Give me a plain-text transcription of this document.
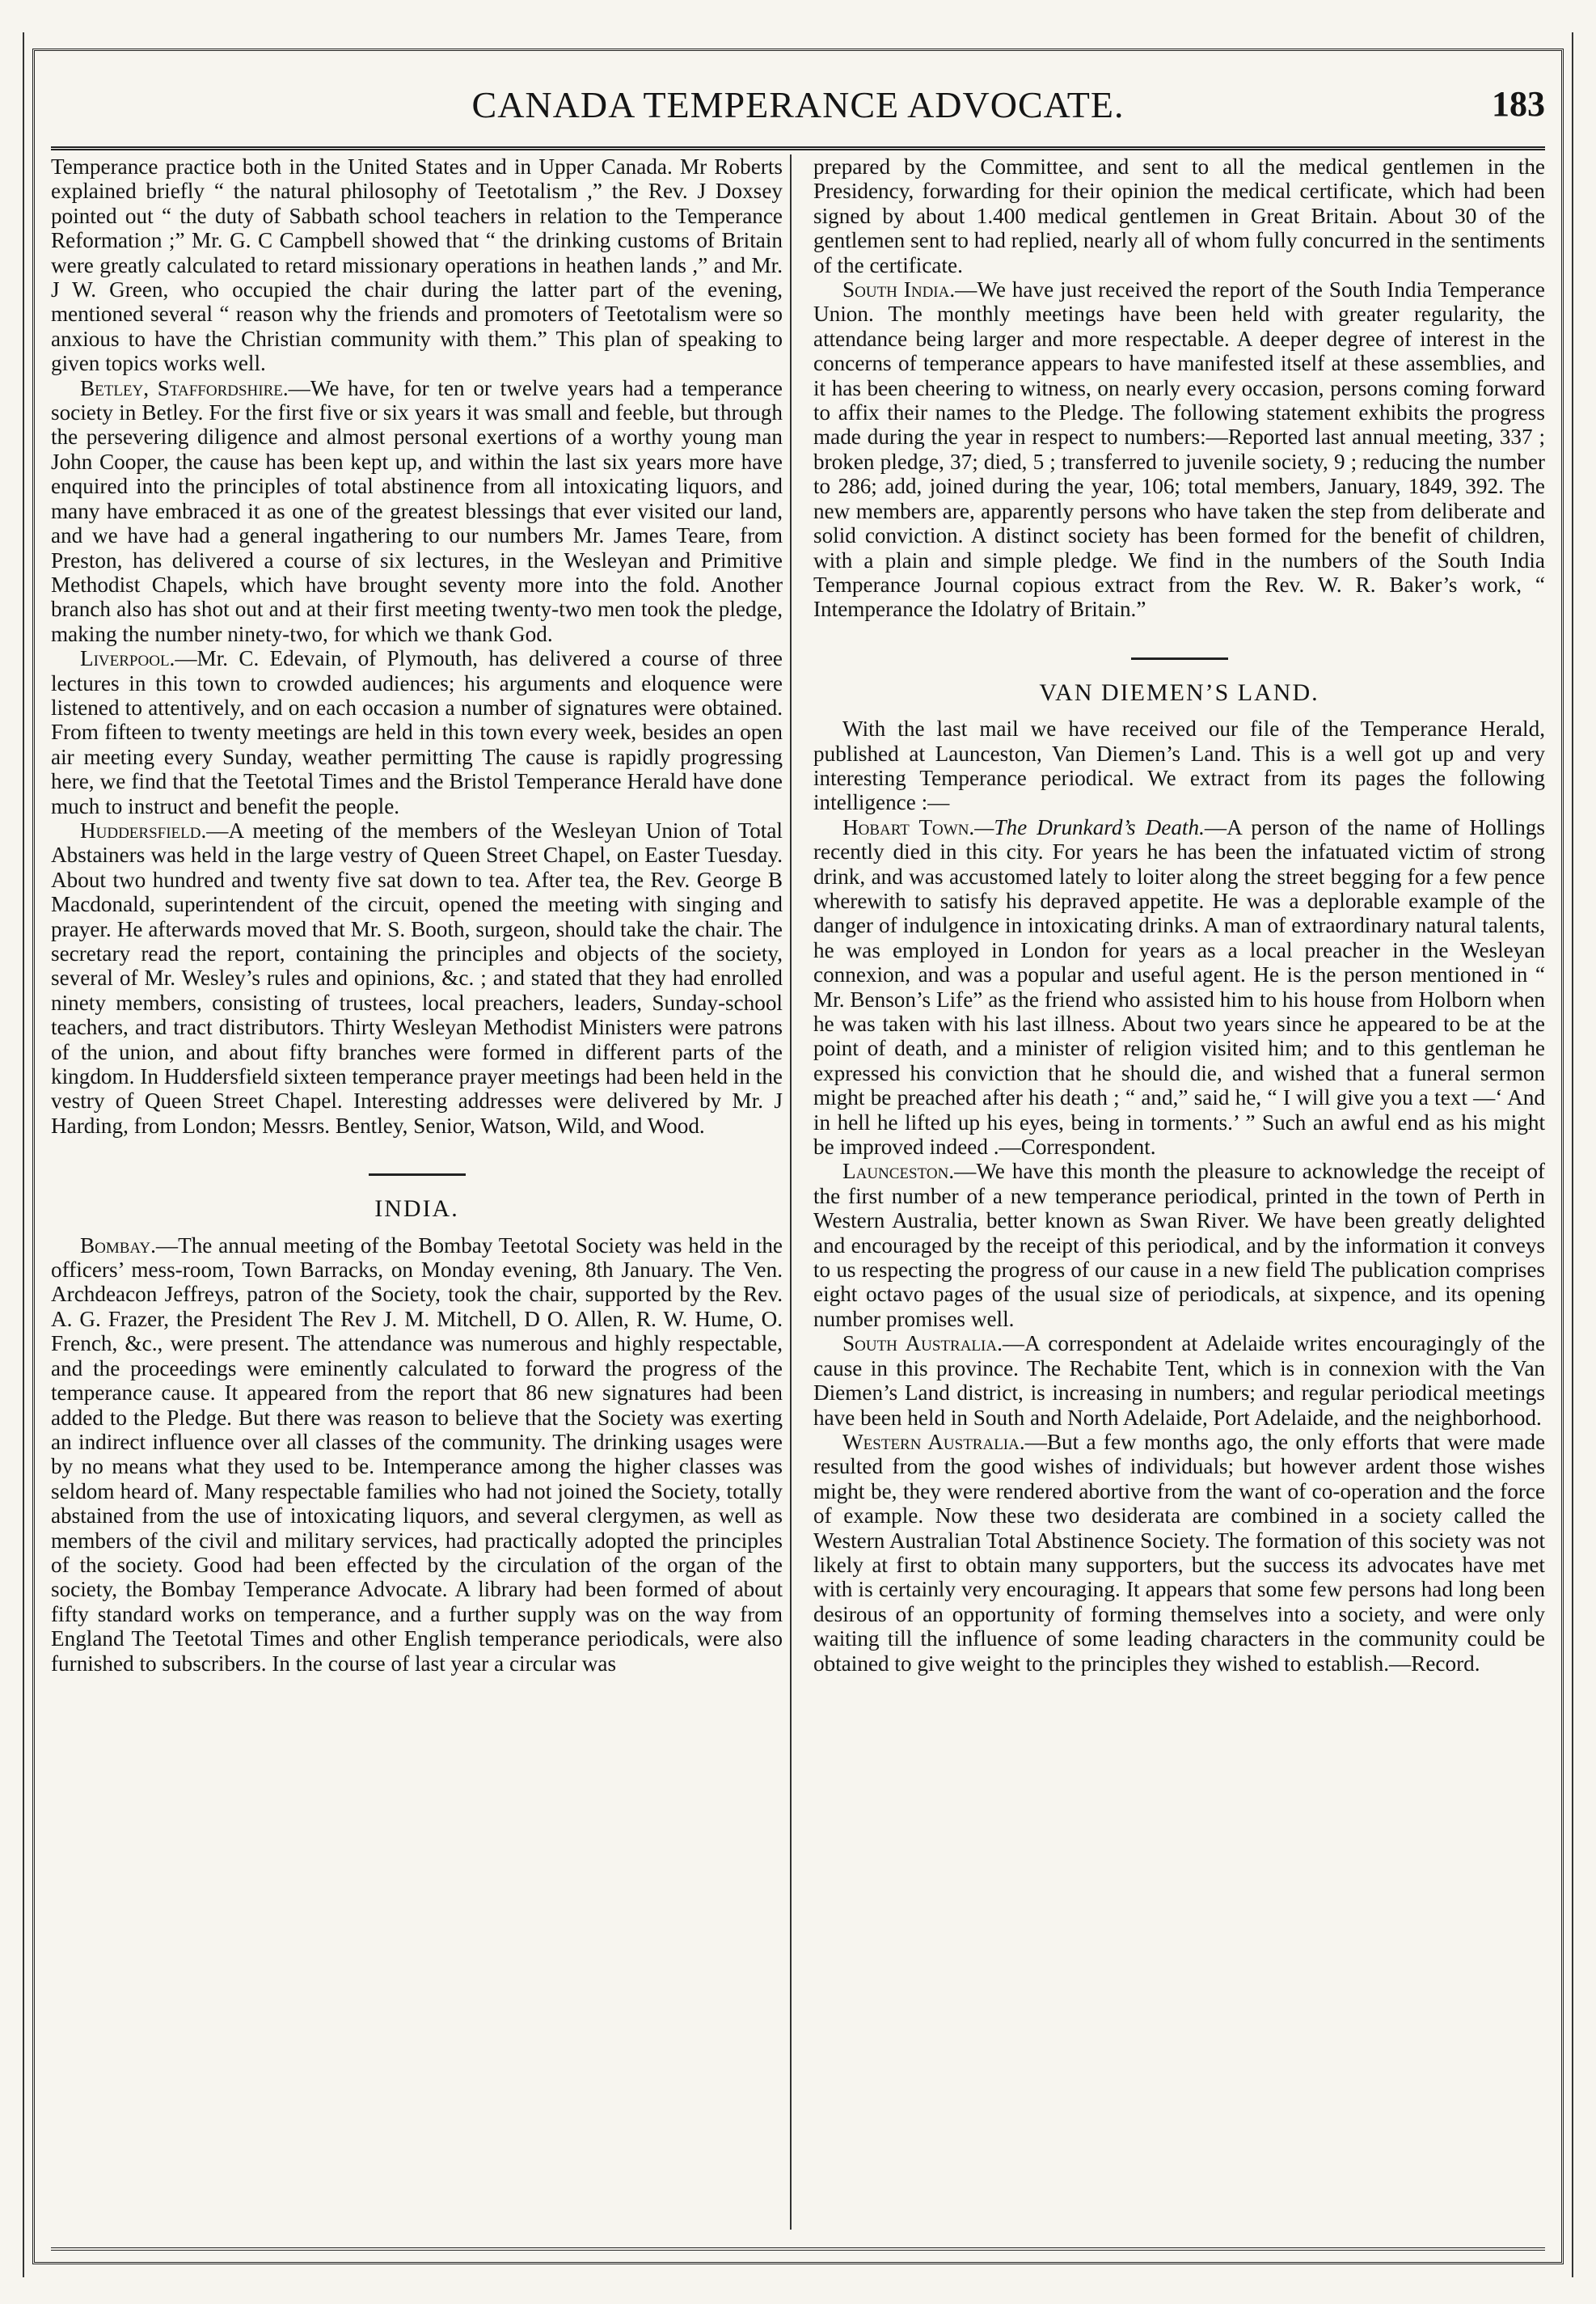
CANADA TEMPERANCE ADVOCATE.	183

Temperance practice both in the United States and in Upper Canada. Mr Roberts explained briefly “ the natural philosophy of Teetotalism ,” the Rev. J Doxsey pointed out “ the duty of Sabbath school teachers in relation to the Temperance Reformation ;” Mr. G. C Campbell showed that “ the drinking customs of Britain were greatly calculated to retard missionary operations in heathen lands ,” and Mr. J W. Green, who occupied the chair during the latter part of the evening, mentioned several “ reason why the friends and promoters of Teetotalism were so anxious to have the Christian community with them.” This plan of speaking to given topics works well.

Betley, Staffordshire.—We have, for ten or twelve years had a temperance society in Betley. For the first five or six years it was small and feeble, but through the persevering diligence and almost personal exertions of a worthy young man John Cooper, the cause has been kept up, and within the last six years more have enquired into the principles of total abstinence from all intoxicating liquors, and many have embraced it as one of the greatest blessings that ever visited our land, and we have had a general ingathering to our numbers Mr. James Teare, from Preston, has delivered a course of six lectures, in the Wesleyan and Primitive Methodist Chapels, which have brought seventy more into the fold. Another branch also has shot out and at their first meeting twenty-two men took the pledge, making the number ninety-two, for which we thank God.

Liverpool.—Mr. C. Edevain, of Plymouth, has delivered a course of three lectures in this town to crowded audiences; his arguments and eloquence were listened to attentively, and on each occasion a number of signatures were obtained. From fifteen to twenty meetings are held in this town every week, besides an open air meeting every Sunday, weather permitting The cause is rapidly progressing here, we find that the Teetotal Times and the Bristol Temperance Herald have done much to instruct and benefit the people.

Huddersfield.—A meeting of the members of the Wesleyan Union of Total Abstainers was held in the large vestry of Queen Street Chapel, on Easter Tuesday. About two hundred and twenty five sat down to tea. After tea, the Rev. George B Macdonald, superintendent of the circuit, opened the meeting with singing and prayer. He afterwards moved that Mr. S. Booth, surgeon, should take the chair. The secretary read the report, containing the principles and objects of the society, several of Mr. Wesley’s rules and opinions, &c. ; and stated that they had enrolled ninety members, consisting of trustees, local preachers, leaders, Sunday-school teachers, and tract distributors. Thirty Wesleyan Methodist Ministers were patrons of the union, and about fifty branches were formed in different parts of the kingdom. In Huddersfield sixteen temperance prayer meetings had been held in the vestry of Queen Street Chapel. Interesting addresses were delivered by Mr. J Harding, from London; Messrs. Bentley, Senior, Watson, Wild, and Wood.

INDIA.

Bombay.—The annual meeting of the Bombay Teetotal Society was held in the officers’ mess-room, Town Barracks, on Monday evening, 8th January. The Ven. Archdeacon Jeffreys, patron of the Society, took the chair, supported by the Rev. A. G. Frazer, the President The Rev J. M. Mitchell, D O. Allen, R. W. Hume, O. French, &c., were present. The attendance was numerous and highly respectable, and the proceedings were eminently calculated to forward the progress of the temperance cause. It appeared from the report that 86 new signatures had been added to the Pledge. But there was reason to believe that the Society was exerting an indirect influence over all classes of the community. The drinking usages were by no means what they used to be. Intemperance among the higher classes was seldom heard of. Many respectable families who had not joined the Society, totally abstained from the use of intoxicating liquors, and several clergymen, as well as members of the civil and military services, had practically adopted the principles of the society. Good had been effected by the circulation of the organ of the society, the Bombay Temperance Advocate. A library had been formed of about fifty standard works on temperance, and a further supply was on the way from England The Teetotal Times and other English temperance periodicals, were also furnished to subscribers. In the course of last year a circular was

prepared by the Committee, and sent to all the medical gentlemen in the Presidency, forwarding for their opinion the medical certificate, which had been signed by about 1.400 medical gentlemen in Great Britain. About 30 of the gentlemen sent to had replied, nearly all of whom fully concurred in the sentiments of the certificate.

South India.—We have just received the report of the South India Temperance Union. The monthly meetings have been held with greater regularity, the attendance being larger and more respectable. A deeper degree of interest in the concerns of temperance appears to have manifested itself at these assemblies, and it has been cheering to witness, on nearly every occasion, persons coming forward to affix their names to the Pledge. The following statement exhibits the progress made during the year in respect to numbers:—Reported last annual meeting, 337 ; broken pledge, 37; died, 5 ; transferred to juvenile society, 9 ; reducing the number to 286; add, joined during the year, 106; total members, January, 1849, 392. The new members are, apparently persons who have taken the step from deliberate and solid conviction. A distinct society has been formed for the benefit of children, with a plain and simple pledge. We find in the numbers of the South India Temperance Journal copious extract from the Rev. W. R. Baker’s work, “ Intemperance the Idolatry of Britain.”

VAN DIEMEN’S LAND.

With the last mail we have received our file of the Temperance Herald, published at Launceston, Van Diemen’s Land. This is a well got up and very interesting Temperance periodical. We extract from its pages the following intelligence :—

Hobart Town.—The Drunkard’s Death.—A person of the name of Hollings recently died in this city. For years he has been the infatuated victim of strong drink, and was accustomed lately to loiter along the street begging for a few pence wherewith to satisfy his depraved appetite. He was a deplorable example of the danger of indulgence in intoxicating drinks. A man of extraordinary natural talents, he was employed in London for years as a local preacher in the Wesleyan connexion, and was a popular and useful agent. He is the person mentioned in “ Mr. Benson’s Life” as the friend who assisted him to his house from Holborn when he was taken with his last illness. About two years since he appeared to be at the point of death, and a minister of religion visited him; and to this gentleman he expressed his conviction that he should die, and wished that a funeral sermon might be preached after his death ; “ and,” said he, “ I will give you a text —‘ And in hell he lifted up his eyes, being in torments.’ ” Such an awful end as his might be improved indeed .—Correspondent.

Launceston.—We have this month the pleasure to acknowledge the receipt of the first number of a new temperance periodical, printed in the town of Perth in Western Australia, better known as Swan River. We have been greatly delighted and encouraged by the receipt of this periodical, and by the information it conveys to us respecting the progress of our cause in a new field The publication comprises eight octavo pages of the usual size of periodicals, at sixpence, and its opening number promises well.

South Australia.—A correspondent at Adelaide writes encouragingly of the cause in this province. The Rechabite Tent, which is in connexion with the Van Diemen’s Land district, is increasing in numbers; and regular periodical meetings have been held in South and North Adelaide, Port Adelaide, and the neighborhood.

Western Australia.—But a few months ago, the only efforts that were made resulted from the good wishes of individuals; but however ardent those wishes might be, they were rendered abortive from the want of co-operation and the force of example. Now these two desiderata are combined in a society called the Western Australian Total Abstinence Society. The formation of this society was not likely at first to obtain many supporters, but the success its advocates have met with is certainly very encouraging. It appears that some few persons had long been desirous of an opportunity of forming themselves into a society, and were only waiting till the influence of some leading characters in the community could be obtained to give weight to the principles they wished to establish.—Record.
